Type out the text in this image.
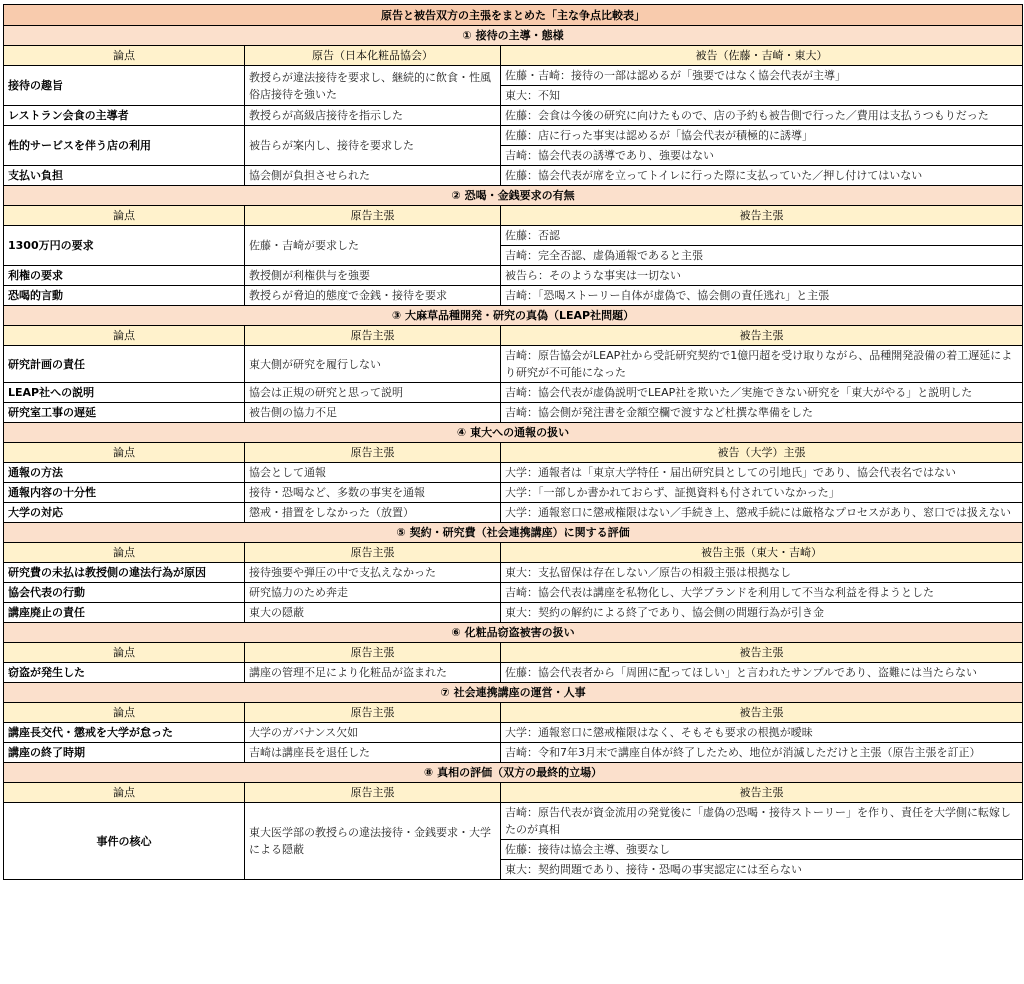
原告と被告双方の主張をまとめた「主な争点比較表」		
① 接待の主導・態様		
論点	原告（日本化粧品協会）	被告（佐藤・吉崎・東大）
接待の趣旨	教授らが違法接待を要求し、継続的に飲食・性風俗店接待を強いた	佐藤・吉崎：接待の一部は認めるが「強要ではなく協会代表が主導」
		東大：不知
レストラン会食の主導者	教授らが高級店接待を指示した	佐藤：会食は今後の研究に向けたもので、店の予約も被告側で行った／費用は支払うつもりだった
性的サービスを伴う店の利用	被告らが案内し、接待を要求した	佐藤：店に行った事実は認めるが「協会代表が積極的に誘導」
		吉崎：協会代表の誘導であり、強要はない
支払い負担	協会側が負担させられた	佐藤：協会代表が席を立ってトイレに行った際に支払っていた／押し付けてはいない
② 恐喝・金銭要求の有無		
論点	原告主張	被告主張
1300万円の要求	佐藤・吉崎が要求した	佐藤：否認
		吉崎：完全否認、虚偽通報であると主張
利権の要求	教授側が利権供与を強要	被告ら：そのような事実は一切ない
恐喝的言動	教授らが脅迫的態度で金銭・接待を要求	吉崎：「恐喝ストーリー自体が虚偽で、協会側の責任逃れ」と主張
③ 大麻草品種開発・研究の真偽（LEAP社問題）		
論点	原告主張	被告主張
研究計画の責任	東大側が研究を履行しない	吉崎：原告協会がLEAP社から受託研究契約で1億円超を受け取りながら、品種開発設備の着工遅延により研究が不可能になった
LEAP社への説明	協会は正規の研究と思って説明	吉崎：協会代表が虚偽説明でLEAP社を欺いた／実施できない研究を「東大がやる」と説明した
研究室工事の遅延	被告側の協力不足	吉崎：協会側が発注書を金額空欄で渡すなど杜撰な準備をした
④ 東大への通報の扱い		
論点	原告主張	被告（大学）主張
通報の方法	協会として通報	大学：通報者は「東京大学特任・届出研究員としての引地氏」であり、協会代表名ではない
通報内容の十分性	接待・恐喝など、多数の事実を通報	大学：「一部しか書かれておらず、証拠資料も付されていなかった」
大学の対応	懲戒・措置をしなかった（放置）	大学：通報窓口に懲戒権限はない／手続き上、懲戒手続には厳格なプロセスがあり、窓口では扱えない
⑤ 契約・研究費（社会連携講座）に関する評価		
論点	原告主張	被告主張（東大・吉崎）
研究費の未払は教授側の違法行為が原因	接待強要や弾圧の中で支払えなかった	東大：支払留保は存在しない／原告の相殺主張は根拠なし
協会代表の行動	研究協力のため奔走	吉崎：協会代表は講座を私物化し、大学ブランドを利用して不当な利益を得ようとした
講座廃止の責任	東大の隠蔽	東大：契約の解約による終了であり、協会側の問題行為が引き金
⑥ 化粧品窃盗被害の扱い		
論点	原告主張	被告主張
窃盗が発生した	講座の管理不足により化粧品が盗まれた	佐藤：協会代表者から「周囲に配ってほしい」と言われたサンプルであり、盗難には当たらない
⑦ 社会連携講座の運営・人事		
論点	原告主張	被告主張
講座長交代・懲戒を大学が怠った	大学のガバナンス欠如	大学：通報窓口に懲戒権限はなく、そもそも要求の根拠が曖昧
講座の終了時期	吉崎は講座長を退任した	吉崎：令和7年3月末で講座自体が終了したため、地位が消滅しただけと主張（原告主張を訂正）
⑧ 真相の評価（双方の最終的立場）		
論点	原告主張	被告主張
事件の核心	東大医学部の教授らの違法接待・金銭要求・大学による隠蔽	吉崎：原告代表が資金流用の発覚後に「虚偽の恐喝・接待ストーリー」を作り、責任を大学側に転嫁したのが真相
		佐藤：接待は協会主導、強要なし
		東大：契約問題であり、接待・恐喝の事実認定には至らない
